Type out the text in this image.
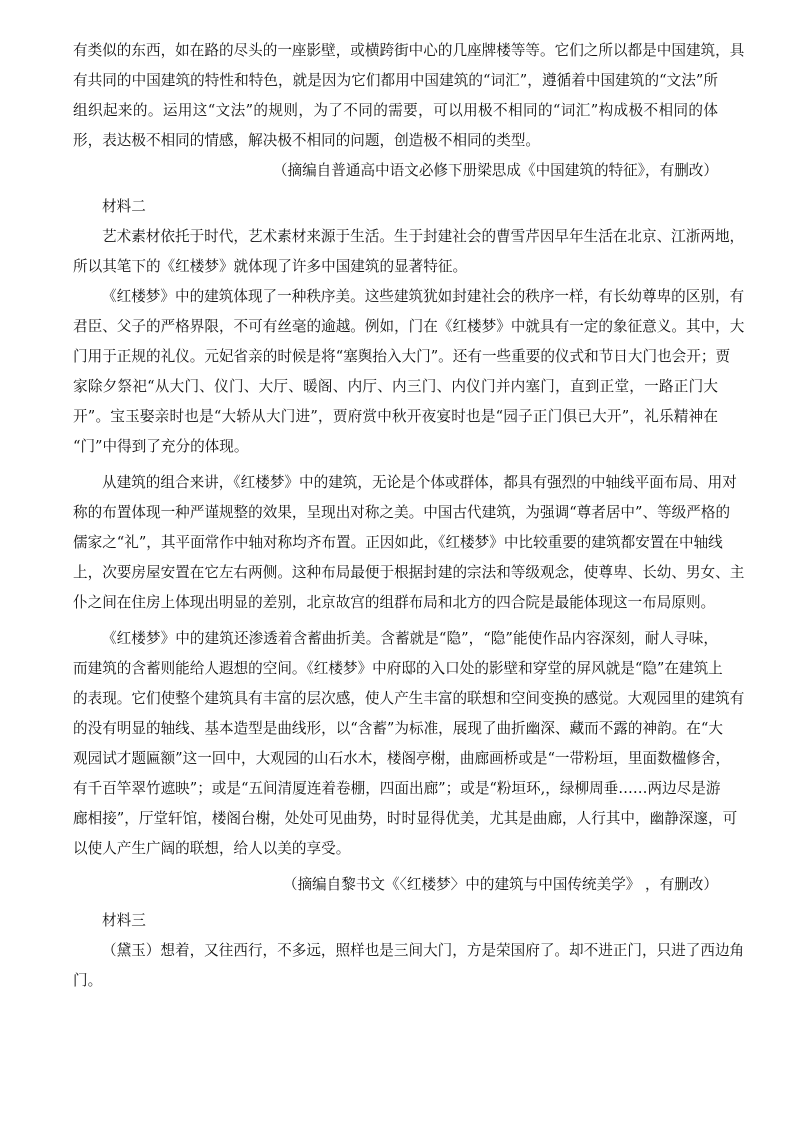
有类似的东西，如在路的尽头的一座影壁，或横跨街中心的几座牌楼等等。它们之所以都是中国建筑，具
有共同的中国建筑的特性和特色，就是因为它们都用中国建筑的“词汇”，遵循着中国建筑的“文法”所
组织起来的。运用这“文法”的规则，为了不同的需要，可以用极不相同的“词汇”构成极不相同的体
形，表达极不相同的情感，解决极不相同的问题，创造极不相同的类型。
（摘编自普通高中语文必修下册梁思成《中国建筑的特征》，有删改）
材料二
艺术素材依托于时代，艺术素材来源于生活。生于封建社会的曹雪芹因早年生活在北京、江浙两地，
所以其笔下的《红楼梦》就体现了许多中国建筑的显著特征。
《红楼梦》中的建筑体现了一种秩序美。这些建筑犹如封建社会的秩序一样，有长幼尊卑的区别，有
君臣、父子的严格界限，不可有丝毫的逾越。例如，门在《红楼梦》中就具有一定的象征意义。其中，大
门用于正规的礼仪。元妃省亲的时候是将“塞舆抬入大门”。还有一些重要的仪式和节日大门也会开；贾
家除夕祭祀“从大门、仪门、大厅、暖阁、内厅、内三门、内仪门并内塞门，直到正堂，一路正门大
开”。宝玉娶亲时也是“大轿从大门进”，贾府赏中秋开夜宴时也是“园子正门俱已大开”，礼乐精神在
“门”中得到了充分的体现。
从建筑的组合来讲，《红楼梦》中的建筑，无论是个体或群体，都具有强烈的中轴线平面布局、用对
称的布置体现一种严谨规整的效果，呈现出对称之美。中国古代建筑，为强调“尊者居中”、等级严格的
儒家之“礼”，其平面常作中轴对称均齐布置。正因如此，《红楼梦》中比较重要的建筑都安置在中轴线
上，次要房屋安置在它左右两侧。这种布局最便于根据封建的宗法和等级观念，使尊卑、长幼、男女、主
仆之间在住房上体现出明显的差别，北京故宫的组群布局和北方的四合院是最能体现这一布局原则。
《红楼梦》中的建筑还渗透着含蓄曲折美。含蓄就是“隐”，“隐”能使作品内容深刻，耐人寻味，
而建筑的含蓄则能给人遐想的空间。《红楼梦》中府邸的入口处的影壁和穿堂的屏风就是“隐”在建筑上
的表现。它们使整个建筑具有丰富的层次感，使人产生丰富的联想和空间变换的感觉。大观园里的建筑有
的没有明显的轴线、基本造型是曲线形，以“含蓄”为标准，展现了曲折幽深、藏而不露的神韵。在“大
观园试才题匾额”这一回中，大观园的山石水木，楼阁亭榭，曲廊画桥或是“一带粉垣，里面数楹修舍，
有千百竿翠竹遮映”；或是“五间清厦连着卷棚，四面出廊”；或是“粉垣环,，绿柳周垂……两边尽是游
廊相接”，厅堂轩馆，楼阁台榭，处处可见曲势，时时显得优美，尤其是曲廊，人行其中，幽静深邃，可
以使人产生广阔的联想，给人以美的享受。
（摘编自黎书文《〈红楼梦〉中的建筑与中国传统美学》 ，有删改）
材料三
（黛玉）想着，又往西行，不多远，照样也是三间大门，方是荣国府了。却不进正门，只进了西边角
门。
